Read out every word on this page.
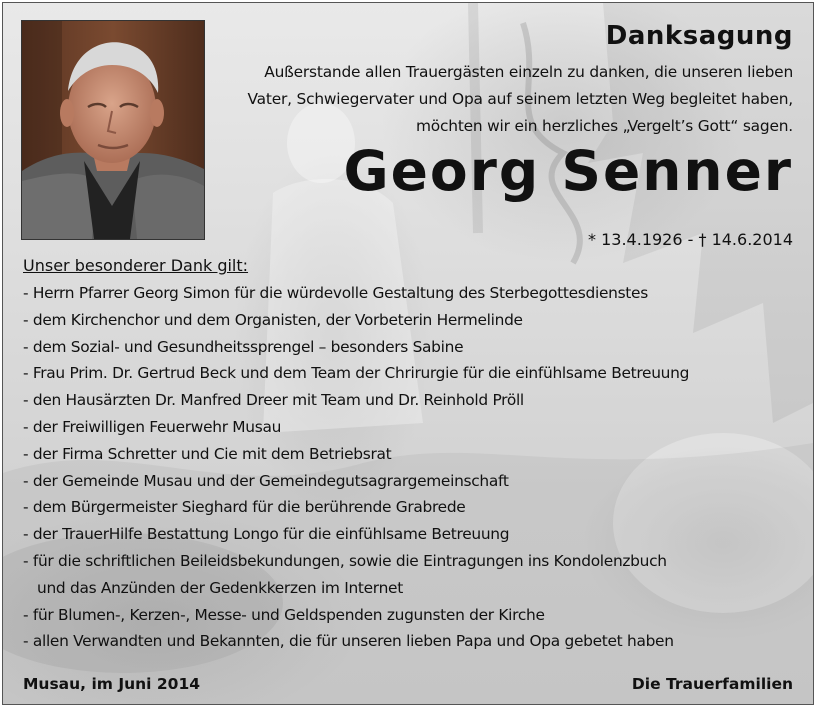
Danksagung

Außerstande allen Trauergästen einzeln zu danken, die unseren lieben Vater, Schwiegervater und Opa auf seinem letzten Weg begleitet haben, möchten wir ein herzliches „Vergelt’s Gott“ sagen.

Georg Senner

* 13.4.1926 - † 14.6.2014

Unser besonderer Dank gilt:

- Herrn Pfarrer Georg Simon für die würdevolle Gestaltung des Sterbegottesdienstes
- dem Kirchenchor und dem Organisten, der Vorbeterin Hermelinde
- dem Sozial- und Gesundheitssprengel – besonders Sabine
- Frau Prim. Dr. Gertrud Beck und dem Team der Chrirurgie für die einfühlsame Betreuung
- den Hausärzten Dr. Manfred Dreer mit Team und Dr. Reinhold Pröll
- der Freiwilligen Feuerwehr Musau
- der Firma Schretter und Cie mit dem Betriebsrat
- der Gemeinde Musau und der Gemeindegutsagrargemeinschaft
- dem Bürgermeister Sieghard für die berührende Grabrede
- der TrauerHilfe Bestattung Longo für die einfühlsame Betreuung
- für die schriftlichen Beileidsbekundungen, sowie die Eintragungen ins Kondolenzbuch
und das Anzünden der Gedenkkerzen im Internet
- für Blumen-, Kerzen-, Messe- und Geldspenden zugunsten der Kirche
- allen Verwandten und Bekannten, die für unseren lieben Papa und Opa gebetet haben

Musau, im Juni 2014	Die Trauerfamilien
